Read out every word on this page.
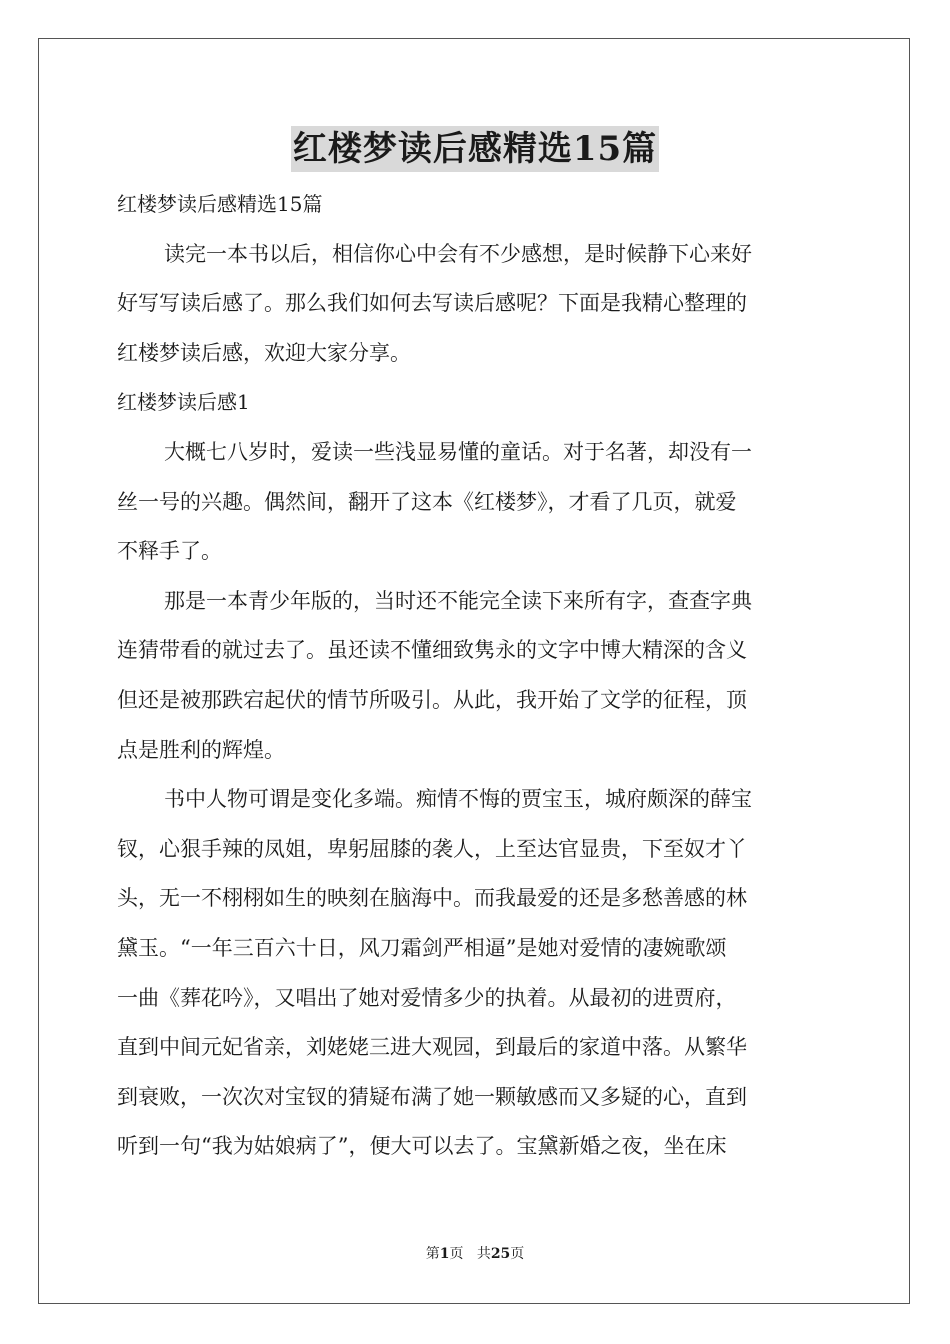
红楼梦读后感精选15篇
红楼梦读后感精选15篇
读完一本书以后，相信你心中会有不少感想，是时候静下心来好
好写写读后感了。那么我们如何去写读后感呢？下面是我精心整理的
红楼梦读后感，欢迎大家分享。
红楼梦读后感1
大概七八岁时，爱读一些浅显易懂的童话。对于名著，却没有一
丝一号的兴趣。偶然间，翻开了这本《红楼梦》，才看了几页，就爱
不释手了。
那是一本青少年版的，当时还不能完全读下来所有字，查查字典
连猜带看的就过去了。虽还读不懂细致隽永的文字中博大精深的含义
但还是被那跌宕起伏的情节所吸引。从此，我开始了文学的征程，顶
点是胜利的辉煌。
书中人物可谓是变化多端。痴情不悔的贾宝玉，城府颇深的薛宝
钗，心狠手辣的凤姐，卑躬屈膝的袭人，上至达官显贵，下至奴才丫
头，无一不栩栩如生的映刻在脑海中。而我最爱的还是多愁善感的林
黛玉。“一年三百六十日，风刀霜剑严相逼”是她对爱情的凄婉歌颂
一曲《葬花吟》，又唱出了她对爱情多少的执着。从最初的进贾府，
直到中间元妃省亲，刘姥姥三进大观园，到最后的家道中落。从繁华
到衰败，一次次对宝钗的猜疑布满了她一颗敏感而又多疑的心，直到
听到一句“我为姑娘病了”，便大可以去了。宝黛新婚之夜，坐在床
第1页 共25页
